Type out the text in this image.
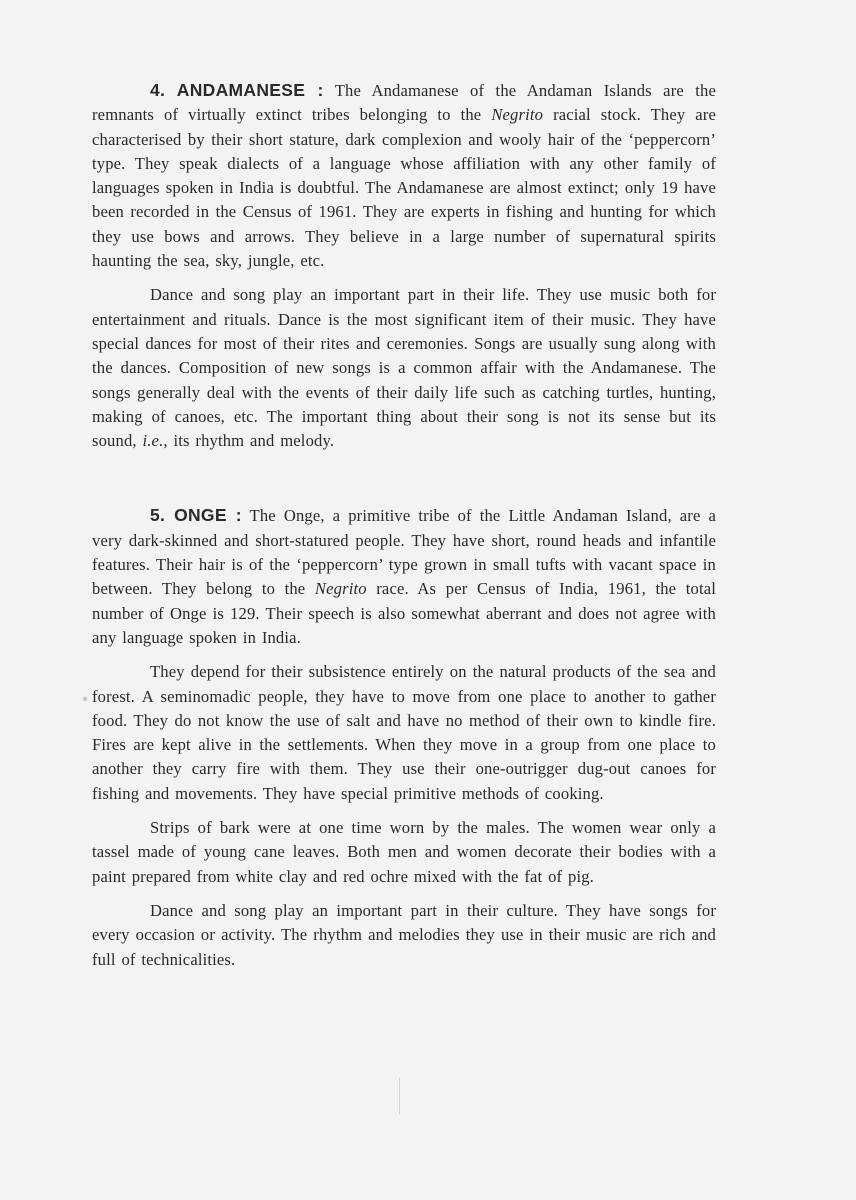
4. ANDAMANESE : The Andamanese of the Andaman Islands are the remnants of virtually extinct tribes belonging to the Negrito racial stock. They are characterised by their short stature, dark complexion and wooly hair of the ‘peppercorn’ type. They speak dialects of a language whose affiliation with any other family of languages spoken in India is doubtful. The Andamanese are almost extinct; only 19 have been recorded in the Census of 1961. They are experts in fishing and hunting for which they use bows and arrows. They believe in a large number of supernatural spirits haunting the sea, sky, jungle, etc.

Dance and song play an important part in their life. They use music both for entertainment and rituals. Dance is the most significant item of their music. They have special dances for most of their rites and ceremonies. Songs are usually sung along with the dances. Composition of new songs is a common affair with the Andamanese. The songs generally deal with the events of their daily life such as catching turtles, hunting, making of canoes, etc. The important thing about their song is not its sense but its sound, i.e., its rhythm and melody.

5. ONGE : The Onge, a primitive tribe of the Little Andaman Island, are a very dark-skinned and short-statured people. They have short, round heads and infantile features. Their hair is of the ‘peppercorn’ type grown in small tufts with vacant space in between. They belong to the Negrito race. As per Census of India, 1961, the total number of Onge is 129. Their speech is also somewhat aberrant and does not agree with any language spoken in India.

They depend for their subsistence entirely on the natural products of the sea and forest. A seminomadic people, they have to move from one place to another to gather food. They do not know the use of salt and have no method of their own to kindle fire. Fires are kept alive in the settlements. When they move in a group from one place to another they carry fire with them. They use their one-outrigger dug-out canoes for fishing and movements. They have special primitive methods of cooking.

Strips of bark were at one time worn by the males. The women wear only a tassel made of young cane leaves. Both men and women decorate their bodies with a paint prepared from white clay and red ochre mixed with the fat of pig.

Dance and song play an important part in their culture. They have songs for every occasion or activity. The rhythm and melodies they use in their music are rich and full of technicalities.
